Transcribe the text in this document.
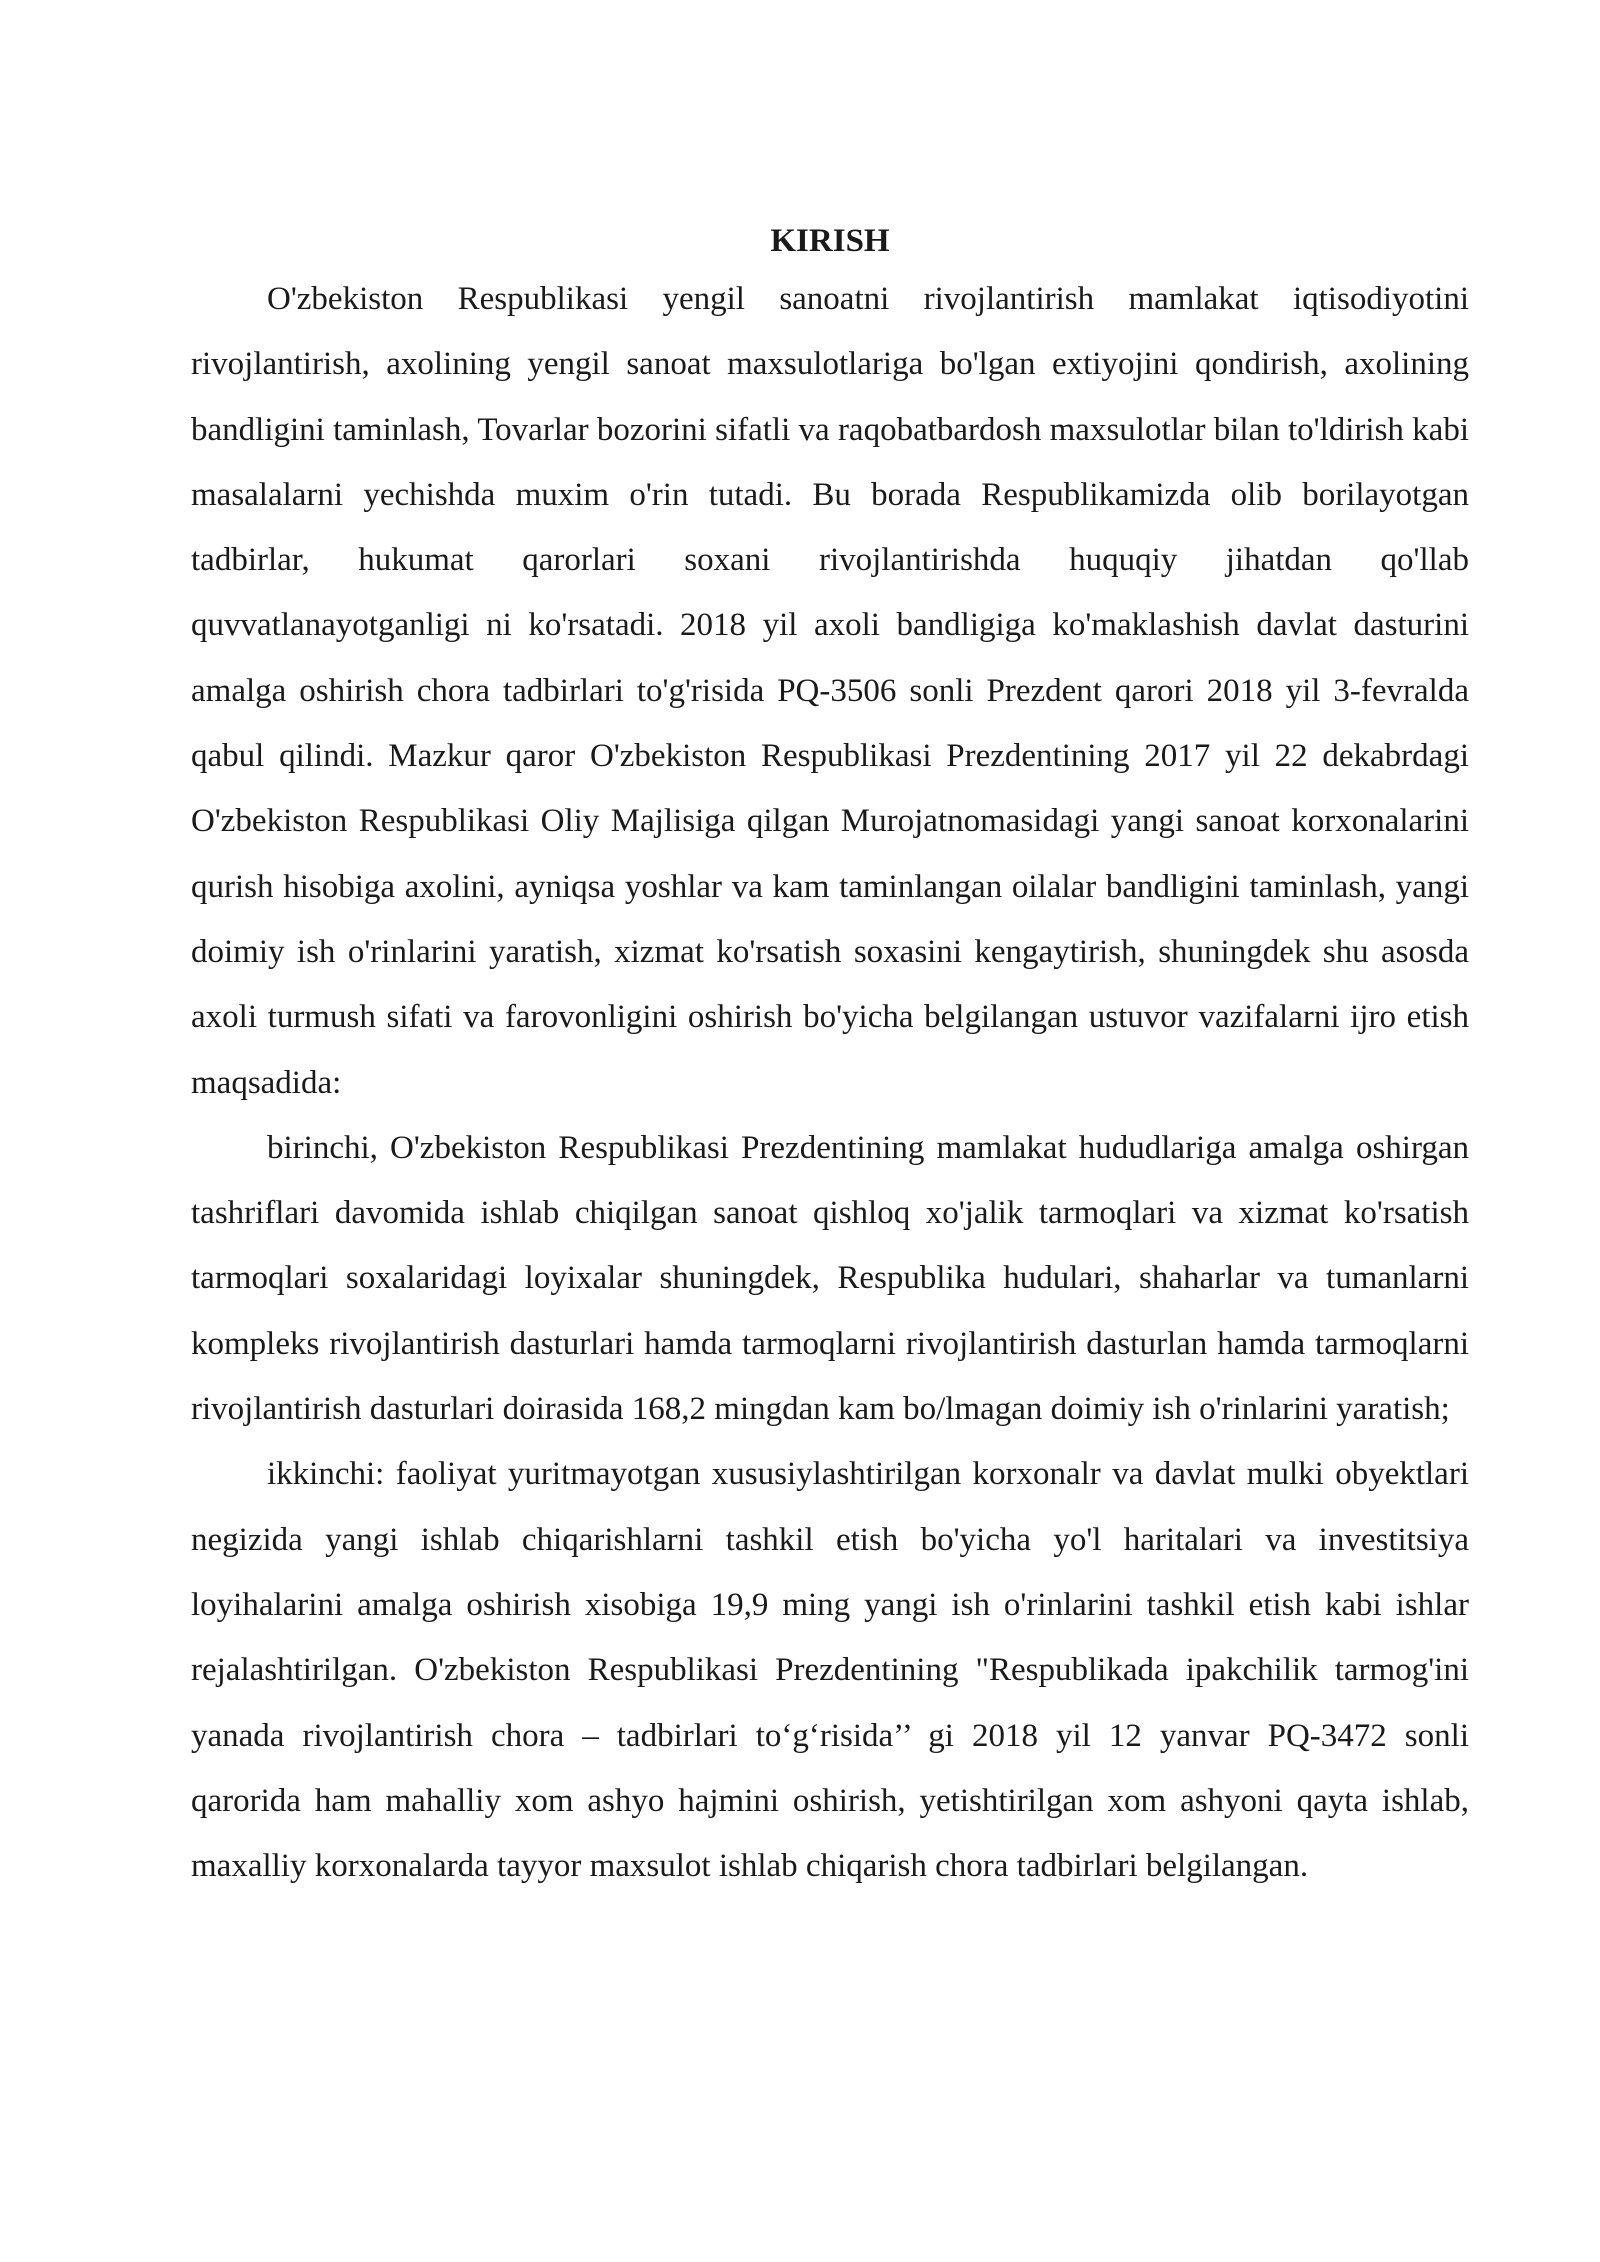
KIRISH

O'zbekiston Respublikasi yengil sanoatni rivojlantirish mamlakat iqtisodiyotini rivojlantirish, axolining yengil sanoat maxsulotlariga bo'lgan extiyojini qondirish, axolining bandligini taminlash, Tovarlar bozorini sifatli va raqobatbardosh maxsulotlar bilan to'ldirish kabi masalalarni yechishda muxim o'rin tutadi. Bu borada Respublikamizda olib borilayotgan tadbirlar, hukumat qarorlari soxani rivojlantirishda huquqiy jihatdan qo'llab quvvatlanayotganligi ni ko'rsatadi. 2018 yil axoli bandligiga ko'maklashish davlat dasturini amalga oshirish chora tadbirlari to'g'risida PQ-3506 sonli Prezdent qarori 2018 yil 3-fevralda qabul qilindi. Mazkur qaror O'zbekiston Respublikasi Prezdentining 2017 yil 22 dekabrdagi O'zbekiston Respublikasi Oliy Majlisiga qilgan Murojatnomasidagi yangi sanoat korxonalarini qurish hisobiga axolini, ayniqsa yoshlar va kam taminlangan oilalar bandligini taminlash, yangi doimiy ish o'rinlarini yaratish, xizmat ko'rsatish soxasini kengaytirish, shuningdek shu asosda axoli turmush sifati va farovonligini oshirish bo'yicha belgilangan ustuvor vazifalarni ijro etish maqsadida:

birinchi, O'zbekiston Respublikasi Prezdentining mamlakat hududlariga amalga oshirgan tashriflari davomida ishlab chiqilgan sanoat qishloq xo'jalik tarmoqlari va xizmat ko'rsatish tarmoqlari soxalaridagi loyixalar shuningdek, Respublika hudulari, shaharlar va tumanlarni kompleks rivojlantirish dasturlari hamda tarmoqlarni rivojlantirish dasturlan hamda tarmoqlarni rivojlantirish dasturlari doirasida 168,2 mingdan kam bo/lmagan doimiy ish o'rinlarini yaratish;

ikkinchi: faoliyat yuritmayotgan xususiylashtirilgan korxonalr va davlat mulki obyektlari negizida yangi ishlab chiqarishlarni tashkil etish bo'yicha yo'l haritalari va investitsiya loyihalarini amalga oshirish xisobiga 19,9 ming yangi ish o'rinlarini tashkil etish kabi ishlar rejalashtirilgan. O'zbekiston Respublikasi Prezdentining "Respublikada ipakchilik tarmog'ini yanada rivojlantirish chora – tadbirlari to‘g‘risida’’ gi 2018 yil 12 yanvar PQ-3472 sonli qarorida ham mahalliy xom ashyo hajmini oshirish, yetishtirilgan xom ashyoni qayta ishlab, maxalliy korxonalarda tayyor maxsulot ishlab chiqarish chora tadbirlari belgilangan.
